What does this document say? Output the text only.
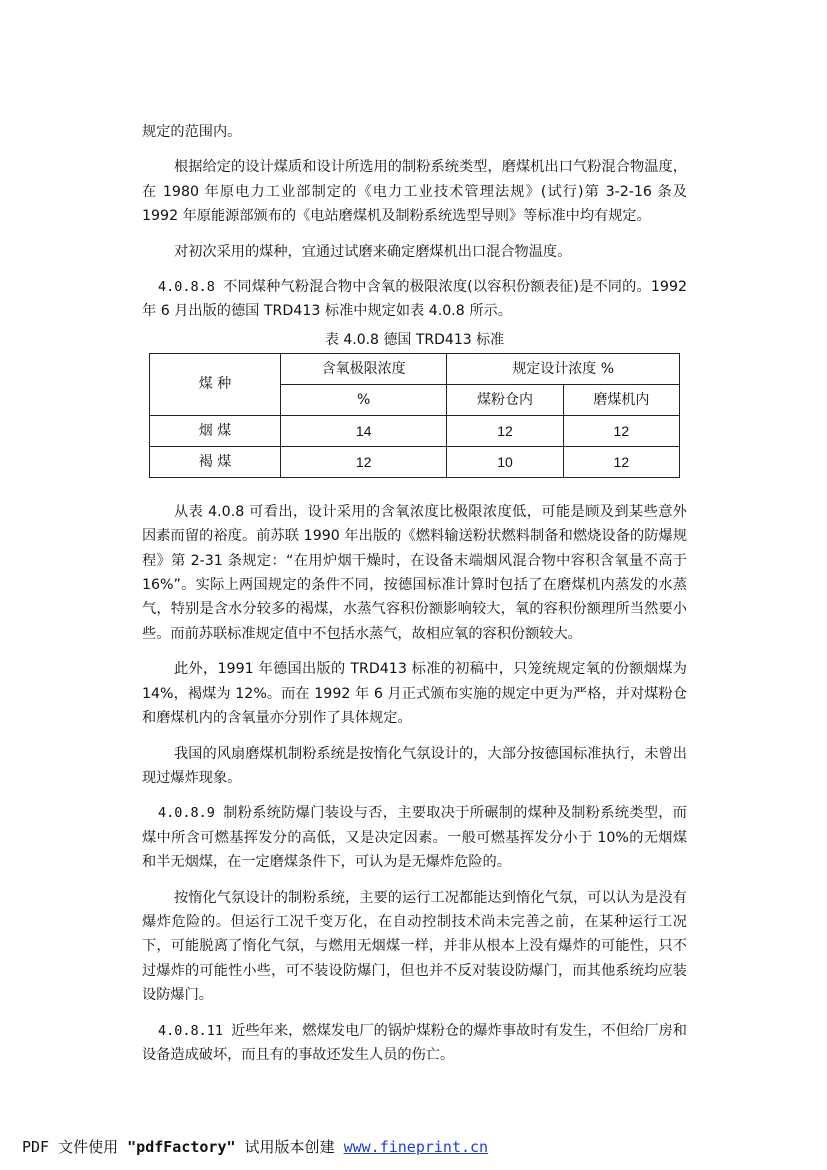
规定的范围内。

根据给定的设计煤质和设计所选用的制粉系统类型，磨煤机出口气粉混合物温度，在 1980 年原电力工业部制定的《电力工业技术管理法规》(试行)第 3-2-16 条及 1992 年原能源部颁布的《电站磨煤机及制粉系统选型导则》等标准中均有规定。

对初次采用的煤种，宜通过试磨来确定磨煤机出口混合物温度。

4.0.8.8 不同煤种气粉混合物中含氧的极限浓度(以容积份额表征)是不同的。1992 年 6 月出版的德国 TRD413 标准中规定如表 4.0.8 所示。

表 4.0.8 德国 TRD413 标准
煤 种	含氧极限浓度	规定设计浓度 %	
	%	煤粉仓内	磨煤机内
烟 煤	14	12	12
褐 煤	12	10	12

从表 4.0.8 可看出，设计采用的含氧浓度比极限浓度低，可能是顾及到某些意外因素而留的裕度。前苏联 1990 年出版的《燃料输送粉状燃料制备和燃烧设备的防爆规程》第 2-31 条规定：“在用炉烟干燥时，在设备末端烟风混合物中容积含氧量不高于 16%”。实际上两国规定的条件不同，按德国标准计算时包括了在磨煤机内蒸发的水蒸气，特别是含水分较多的褐煤，水蒸气容积份额影响较大，氧的容积份额理所当然要小些。而前苏联标准规定值中不包括水蒸气，故相应氧的容积份额较大。

此外，1991 年德国出版的 TRD413 标准的初稿中，只笼统规定氧的份额烟煤为 14%，褐煤为 12%。而在 1992 年 6 月正式颁布实施的规定中更为严格，并对煤粉仓和磨煤机内的含氧量亦分别作了具体规定。

我国的风扇磨煤机制粉系统是按惰化气氛设计的，大部分按德国标准执行，未曾出现过爆炸现象。

4.0.8.9 制粉系统防爆门装设与否，主要取决于所碾制的煤种及制粉系统类型，而煤中所含可燃基挥发分的高低，又是决定因素。一般可燃基挥发分小于 10%的无烟煤和半无烟煤，在一定磨煤条件下，可认为是无爆炸危险的。

按惰化气氛设计的制粉系统，主要的运行工况都能达到惰化气氛，可以认为是没有爆炸危险的。但运行工况千变万化，在自动控制技术尚未完善之前，在某种运行工况下，可能脱离了惰化气氛，与燃用无烟煤一样，并非从根本上没有爆炸的可能性，只不过爆炸的可能性小些，可不装设防爆门，但也并不反对装设防爆门，而其他系统均应装设防爆门。

4.0.8.11 近些年来，燃煤发电厂的锅炉煤粉仓的爆炸事故时有发生，不但给厂房和设备造成破坏，而且有的事故还发生人员的伤亡。

PDF 文件使用 "pdfFactory" 试用版本创建 www.fineprint.cn
